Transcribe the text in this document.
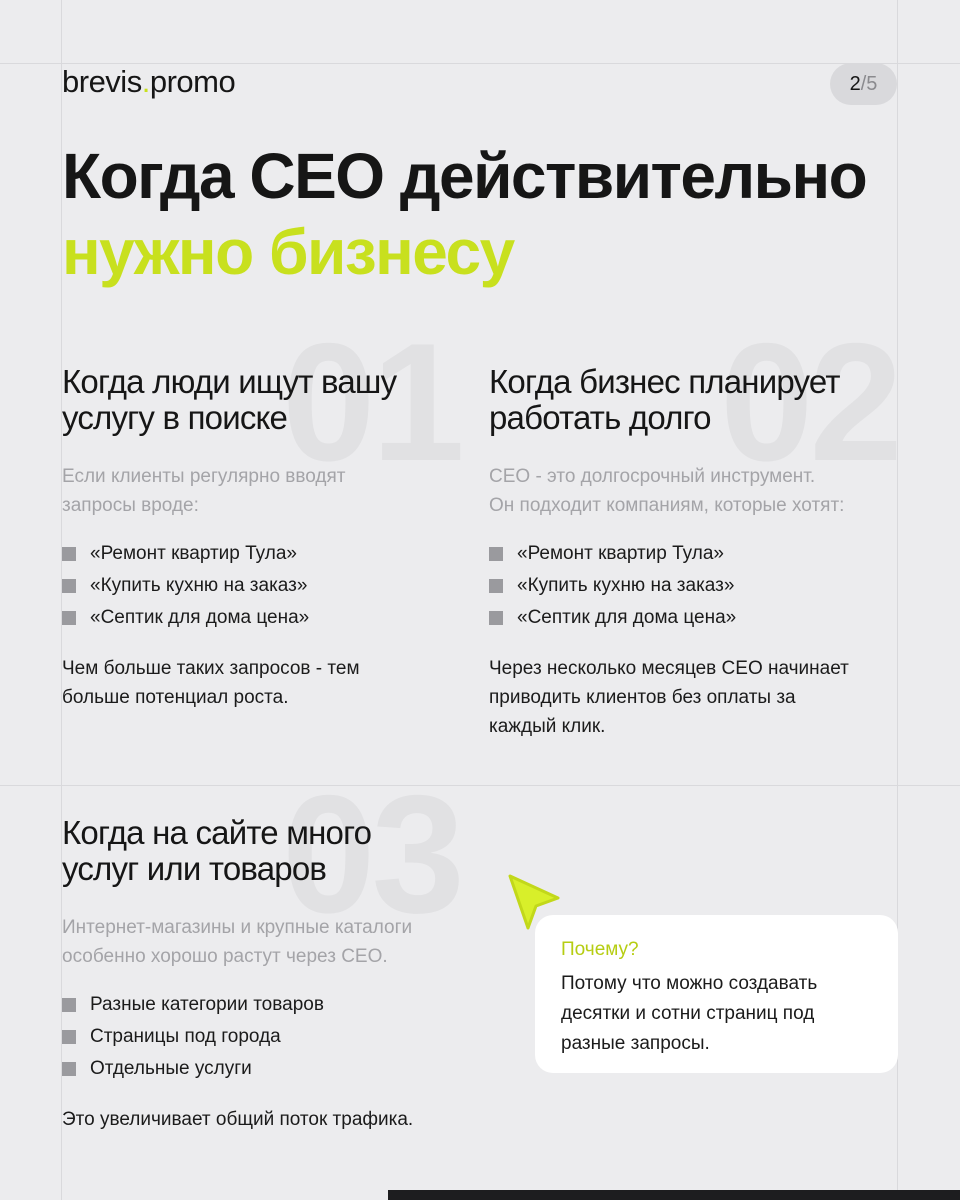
brevis.promo	2 / 5
Когда СЕО действительно
нужно бизнесу
Когда люди ищут вашу
услугу в поиске

Если клиенты регулярно вводят
запросы вроде:

«Ремонт квартир Тула»
«Купить кухню на заказ»
«Септик для дома цена»

Чем больше таких запросов - тем
больше потенциал роста.

Когда бизнес планирует
работать долго

СЕО - это долгосрочный инструмент.
Он подходит компаниям, которые хотят:

«Ремонт квартир Тула»
«Купить кухню на заказ»
«Септик для дома цена»

Через несколько месяцев СЕО начинает
приводить клиентов без оплаты за
каждый клик.

Когда на сайте много
услуг или товаров

Интернет-магазины и крупные каталоги
особенно хорошо растут через СЕО.

Разные категории товаров
Страницы под города
Отдельные услуги

Это увеличивает общий поток трафика.

Почему?
Потому что можно создавать
десятки и сотни страниц под
разные запросы.
